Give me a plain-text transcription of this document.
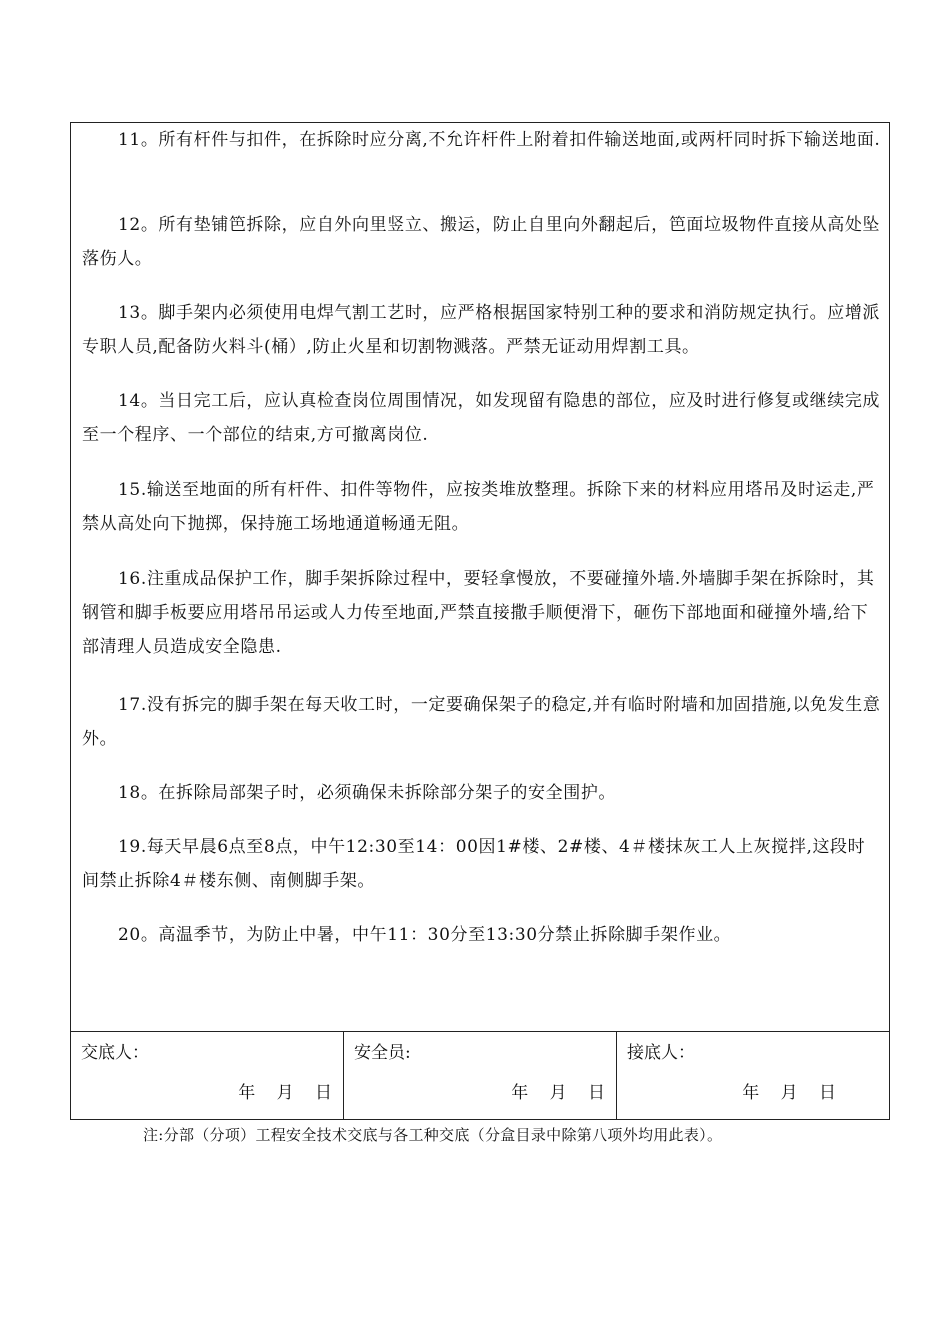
11。所有杆件与扣件，在拆除时应分离,不允许杆件上附着扣件输送地面,或两杆同时拆下输送地面.

12。所有垫铺笆拆除，应自外向里竖立、搬运，防止自里向外翻起后，笆面垃圾物件直接从高处坠落伤人。

13。脚手架内必须使用电焊气割工艺时，应严格根据国家特别工种的要求和消防规定执行。应增派专职人员,配备防火料斗(桶）,防止火星和切割物溅落。严禁无证动用焊割工具。

14。当日完工后，应认真检查岗位周围情况，如发现留有隐患的部位，应及时进行修复或继续完成至一个程序、一个部位的结束,方可撤离岗位.

15.输送至地面的所有杆件、扣件等物件，应按类堆放整理。拆除下来的材料应用塔吊及时运走,严禁从高处向下抛掷，保持施工场地通道畅通无阻。

16.注重成品保护工作，脚手架拆除过程中，要轻拿慢放，不要碰撞外墙.外墙脚手架在拆除时，其钢管和脚手板要应用塔吊吊运或人力传至地面,严禁直接撒手顺便滑下，砸伤下部地面和碰撞外墙,给下部清理人员造成安全隐患.

17.没有拆完的脚手架在每天收工时，一定要确保架子的稳定,并有临时附墙和加固措施,以免发生意外。

18。在拆除局部架子时，必须确保未拆除部分架子的安全围护。

19.每天早晨6点至8点，中午12:30至14：00因1#楼、2#楼、4＃楼抹灰工人上灰搅拌,这段时间禁止拆除4＃楼东侧、南侧脚手架。

20。高温季节，为防止中暑，中午11：30分至13:30分禁止拆除脚手架作业。

交底人：
年 月 日
安全员:
年 月 日
接底人：
年 月 日
注:分部（分项）工程安全技术交底与各工种交底（分盒目录中除第八项外均用此表）。
